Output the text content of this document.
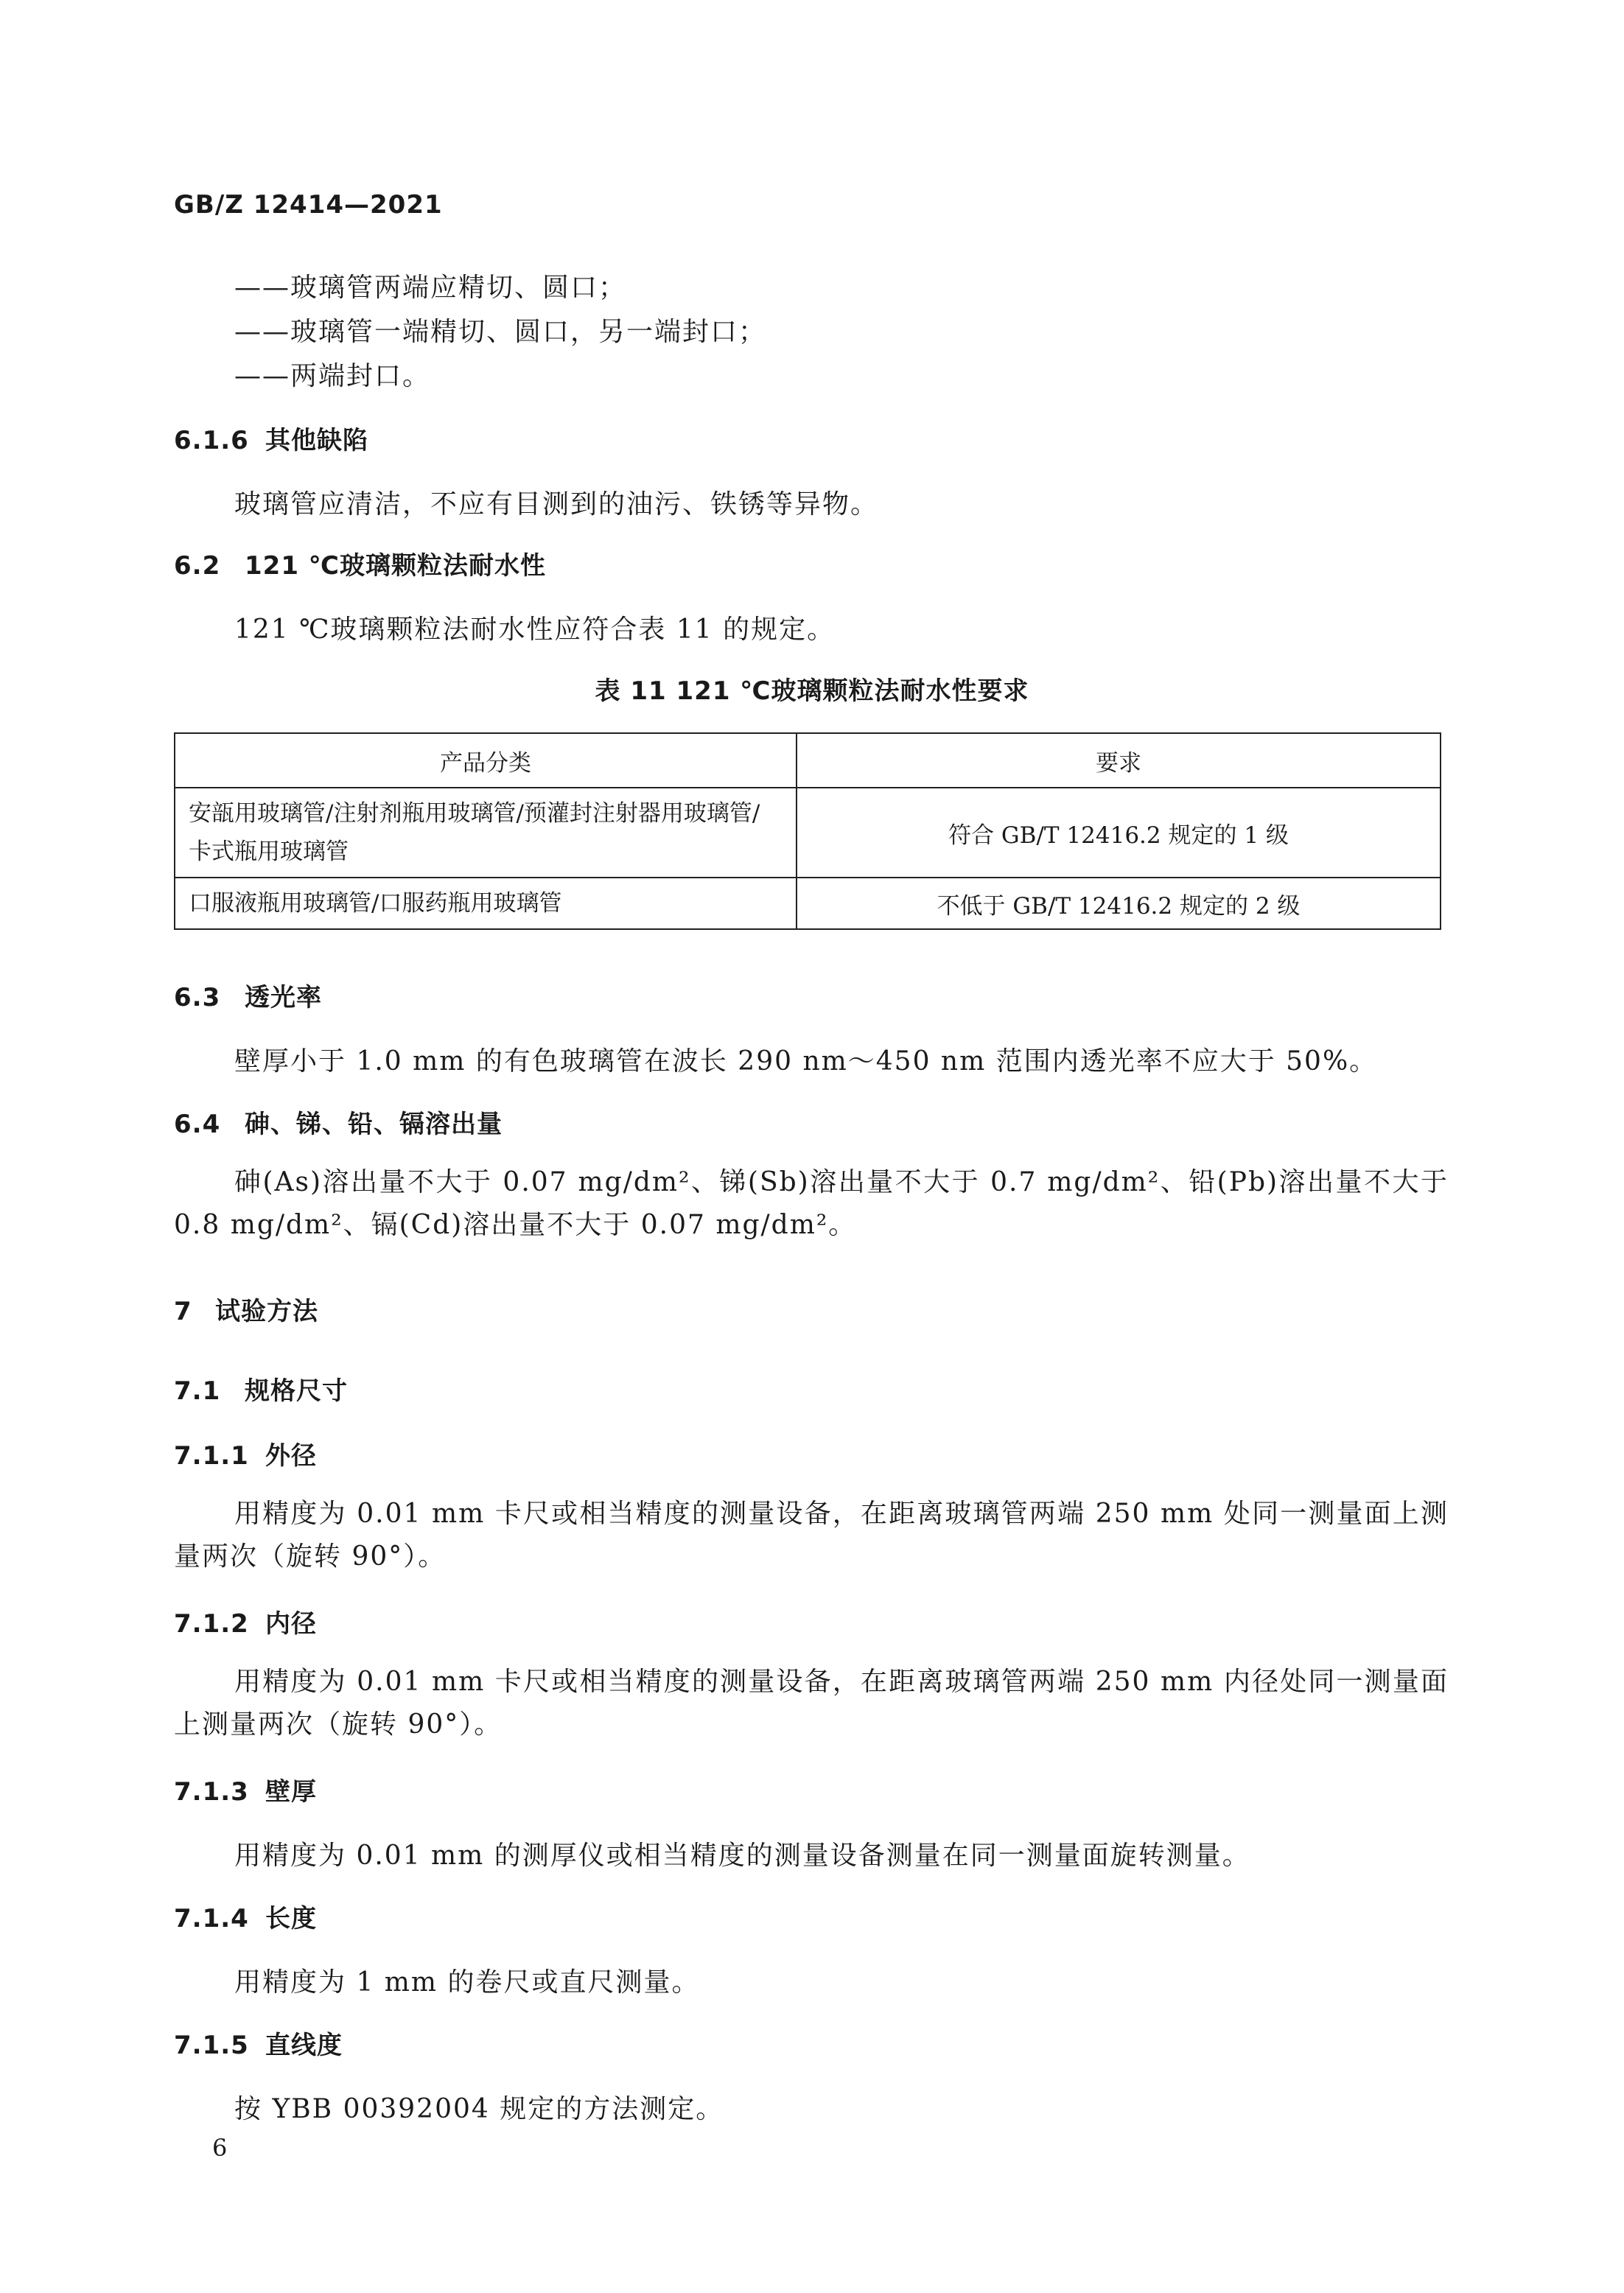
GB/Z 12414—2021
——玻璃管两端应精切、圆口；
——玻璃管一端精切、圆口，另一端封口；
——两端封口。
6.1.6 其他缺陷
玻璃管应清洁，不应有目测到的油污、铁锈等异物。
6.2 121 ℃玻璃颗粒法耐水性
121 ℃玻璃颗粒法耐水性应符合表 11 的规定。
表 11 121 ℃玻璃颗粒法耐水性要求
产品分类	要求
安瓿用玻璃管/注射剂瓶用玻璃管/预灌封注射器用玻璃管/卡式瓶用玻璃管	符合 GB/T 12416.2 规定的 1 级
口服液瓶用玻璃管/口服药瓶用玻璃管	不低于 GB/T 12416.2 规定的 2 级
6.3 透光率
壁厚小于 1.0 mm 的有色玻璃管在波长 290 nm～450 nm 范围内透光率不应大于 50%。
6.4 砷、锑、铅、镉溶出量
砷(As)溶出量不大于 0.07 mg/dm²、锑(Sb)溶出量不大于 0.7 mg/dm²、铅(Pb)溶出量不大于 0.8 mg/dm²、镉(Cd)溶出量不大于 0.07 mg/dm²。
7 试验方法
7.1 规格尺寸
7.1.1 外径
用精度为 0.01 mm 卡尺或相当精度的测量设备，在距离玻璃管两端 250 mm 处同一测量面上测量两次（旋转 90°）。
7.1.2 内径
用精度为 0.01 mm 卡尺或相当精度的测量设备，在距离玻璃管两端 250 mm 内径处同一测量面上测量两次（旋转 90°）。
7.1.3 壁厚
用精度为 0.01 mm 的测厚仪或相当精度的测量设备测量在同一测量面旋转测量。
7.1.4 长度
用精度为 1 mm 的卷尺或直尺测量。
7.1.5 直线度
按 YBB 00392004 规定的方法测定。
6
